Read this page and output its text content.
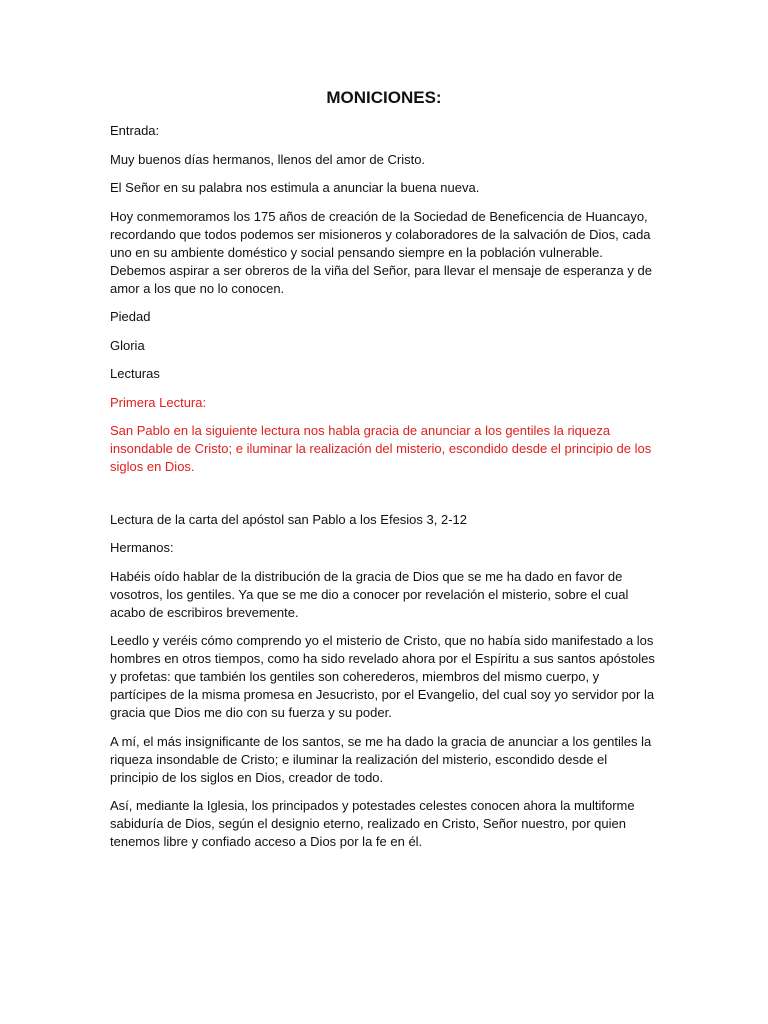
MONICIONES:

Entrada:

Muy buenos días hermanos, llenos del amor de Cristo.

El Señor en su palabra nos estimula a anunciar la buena nueva.

Hoy conmemoramos los 175 años de creación de la Sociedad de Beneficencia de Huancayo, recordando que todos podemos ser misioneros y colaboradores de la salvación de Dios, cada uno en su ambiente doméstico y social pensando siempre en la población vulnerable. Debemos aspirar a ser obreros de la viña del Señor, para llevar el mensaje de esperanza y de amor a los que no lo conocen.

Piedad

Gloria

Lecturas

Primera Lectura:

San Pablo en la siguiente lectura nos habla gracia de anunciar a los gentiles la riqueza insondable de Cristo; e iluminar la realización del misterio, escondido desde el principio de los siglos en Dios.

Lectura de la carta del apóstol san Pablo a los Efesios 3, 2-12

Hermanos:

Habéis oído hablar de la distribución de la gracia de Dios que se me ha dado en favor de vosotros, los gentiles. Ya que se me dio a conocer por revelación el misterio, sobre el cual acabo de escribiros brevemente.

Leedlo y veréis cómo comprendo yo el misterio de Cristo, que no había sido manifestado a los hombres en otros tiempos, como ha sido revelado ahora por el Espíritu a sus santos apóstoles y profetas: que también los gentiles son coherederos, miembros del mismo cuerpo, y partícipes de la misma promesa en Jesucristo, por el Evangelio, del cual soy yo servidor por la gracia que Dios me dio con su fuerza y su poder.

A mí, el más insignificante de los santos, se me ha dado la gracia de anunciar a los gentiles la riqueza insondable de Cristo; e iluminar la realización del misterio, escondido desde el principio de los siglos en Dios, creador de todo.

Así, mediante la Iglesia, los principados y potestades celestes conocen ahora la multiforme sabiduría de Dios, según el designio eterno, realizado en Cristo, Señor nuestro, por quien tenemos libre y confiado acceso a Dios por la fe en él.
